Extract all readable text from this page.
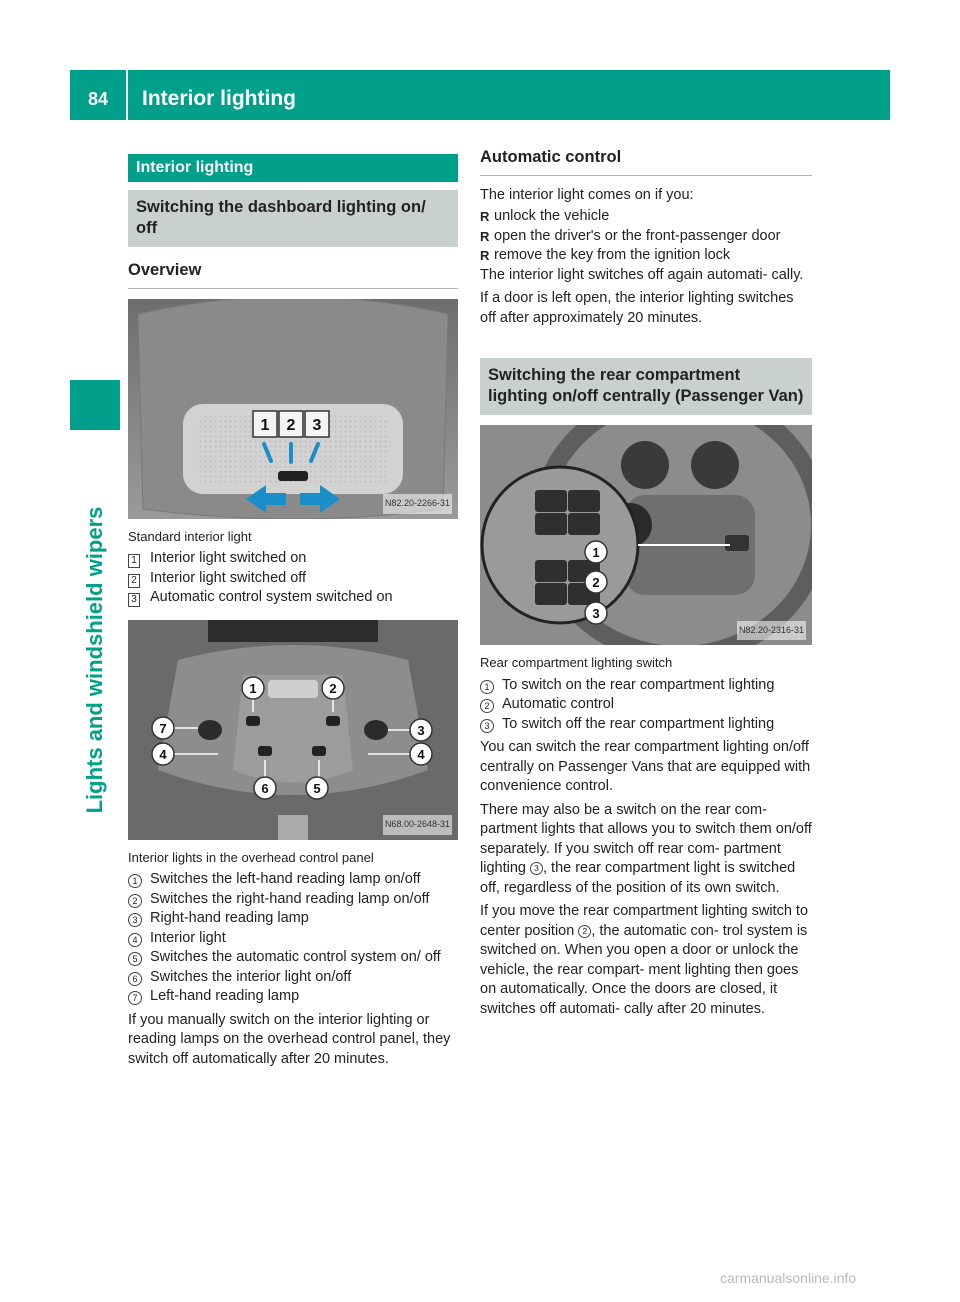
84	Interior lighting
Lights and windshield wipers
Interior lighting
Switching the dashboard lighting on/ off
Overview
1 2 3
N82.20-2266-31
Standard interior light
1 Interior light switched on
2 Interior light switched off
3 Automatic control system switched on
1	2
3
4
4
5
6
7
N68.00-2648-31
Interior lights in the overhead control panel
1 Switches the left-hand reading lamp on/off
2 Switches the right-hand reading lamp on/off
3 Right-hand reading lamp
4 Interior light
5 Switches the automatic control system on/ off
6 Switches the interior light on/off
7 Left-hand reading lamp

If you manually switch on the interior lighting or reading lamps on the overhead control panel, they switch off automatically after 20 minutes.

Automatic control

The interior light comes on if you:

R unlock the vehicle
R open the driver's or the front-passenger door
R remove the key from the ignition lock

The interior light switches off again automati- cally.

If a door is left open, the interior lighting switches off after approximately 20 minutes.

Switching the rear compartment lighting on/off centrally (Passenger Van)
1
2
3
N82.20-2316-31
Rear compartment lighting switch
1 To switch on the rear compartment lighting
2 Automatic control
3 To switch off the rear compartment lighting

You can switch the rear compartment lighting on/off centrally on Passenger Vans that are equipped with convenience control.

There may also be a switch on the rear com- partment lights that allows you to switch them on/off separately. If you switch off rear com- partment lighting 3 , the rear compartment light is switched off, regardless of the position of its own switch.

If you move the rear compartment lighting switch to center position 2 , the automatic con- trol system is switched on. When you open a door or unlock the vehicle, the rear compart- ment lighting then goes on automatically. Once the doors are closed, it switches off automati- cally after 20 minutes.

carmanualsonline.info
